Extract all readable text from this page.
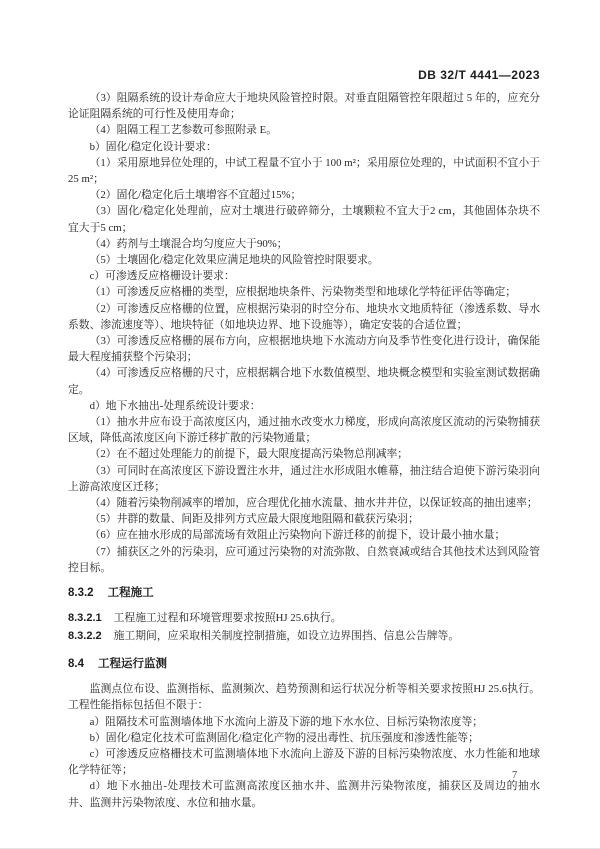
DB 32/T 4441—2023

（3）阻隔系统的设计寿命应大于地块风险管控时限。对垂直阻隔管控年限超过 5 年的，应充分论证阻隔系统的可行性及使用寿命；

（4）阻隔工程工艺参数可参照附录 E。

b）固化/稳定化设计要求：

（1）采用原地异位处理的，中试工程量不宜小于 100 m²；采用原位处理的，中试面积不宜小于 25 m²；

（2）固化/稳定化后土壤增容不宜超过15%；

（3）固化/稳定化处理前，应对土壤进行破碎筛分，土壤颗粒不宜大于2 cm，其他固体杂块不宜大于5 cm；

（4）药剂与土壤混合均匀度应大于90%；

（5）土壤固化/稳定化效果应满足地块的风险管控时限要求。

c）可渗透反应格栅设计要求：

（1）可渗透反应格栅的类型，应根据地块条件、污染物类型和地球化学特征评估等确定；

（2）可渗透反应格栅的位置，应根据污染羽的时空分布、地块水文地质特征（渗透系数、导水系数、渗流速度等）、地块特征（如地块边界、地下设施等），确定安装的合适位置；

（3）可渗透反应格栅的展布方向，应根据地块地下水流动方向及季节性变化进行设计，确保能最大程度捕获整个污染羽；

（4）可渗透反应格栅的尺寸，应根据耦合地下水数值模型、地块概念模型和实验室测试数据确定。

d）地下水抽出-处理系统设计要求：

（1）抽水井应布设于高浓度区内，通过抽水改变水力梯度，形成向高浓度区流动的污染物捕获区域，降低高浓度区向下游迁移扩散的污染物通量；

（2）在不超过处理能力的前提下，最大限度提高污染物总削减率；

（3）可同时在高浓度区下游设置注水井，通过注水形成阻水帷幕，抽注结合迫使下游污染羽向上游高浓度区迁移；

（4）随着污染物削减率的增加，应合理优化抽水流量、抽水井井位，以保证较高的抽出速率；

（5）井群的数量、间距及排列方式应最大限度地阻隔和截获污染羽；

（6）应在抽水形成的局部流场有效阻止污染物向下游迁移的前提下，设计最小抽水量；

（7）捕获区之外的污染羽，应可通过污染物的对流弥散、自然衰减或结合其他技术达到风险管控目标。

8.3.2 工程施工

8.3.2.1 工程施工过程和环境管理要求按照HJ 25.6执行。

8.3.2.2 施工期间，应采取相关制度控制措施，如设立边界围挡、信息公告牌等。

8.4 工程运行监测

监测点位布设、监测指标、监测频次、趋势预测和运行状况分析等相关要求按照HJ 25.6执行。工程性能指标包括但不限于：

a）阻隔技术可监测墙体地下水流向上游及下游的地下水水位、目标污染物浓度等；

b）固化/稳定化技术可监测固化/稳定化产物的浸出毒性、抗压强度和渗透性能等；

c）可渗透反应格栅技术可监测墙体地下水流向上游及下游的目标污染物浓度、水力性能和地球化学特征等；

d）地下水抽出-处理技术可监测高浓度区抽水井、监测井污染物浓度，捕获区及周边的抽水井、监测井污染物浓度、水位和抽水量。

7
